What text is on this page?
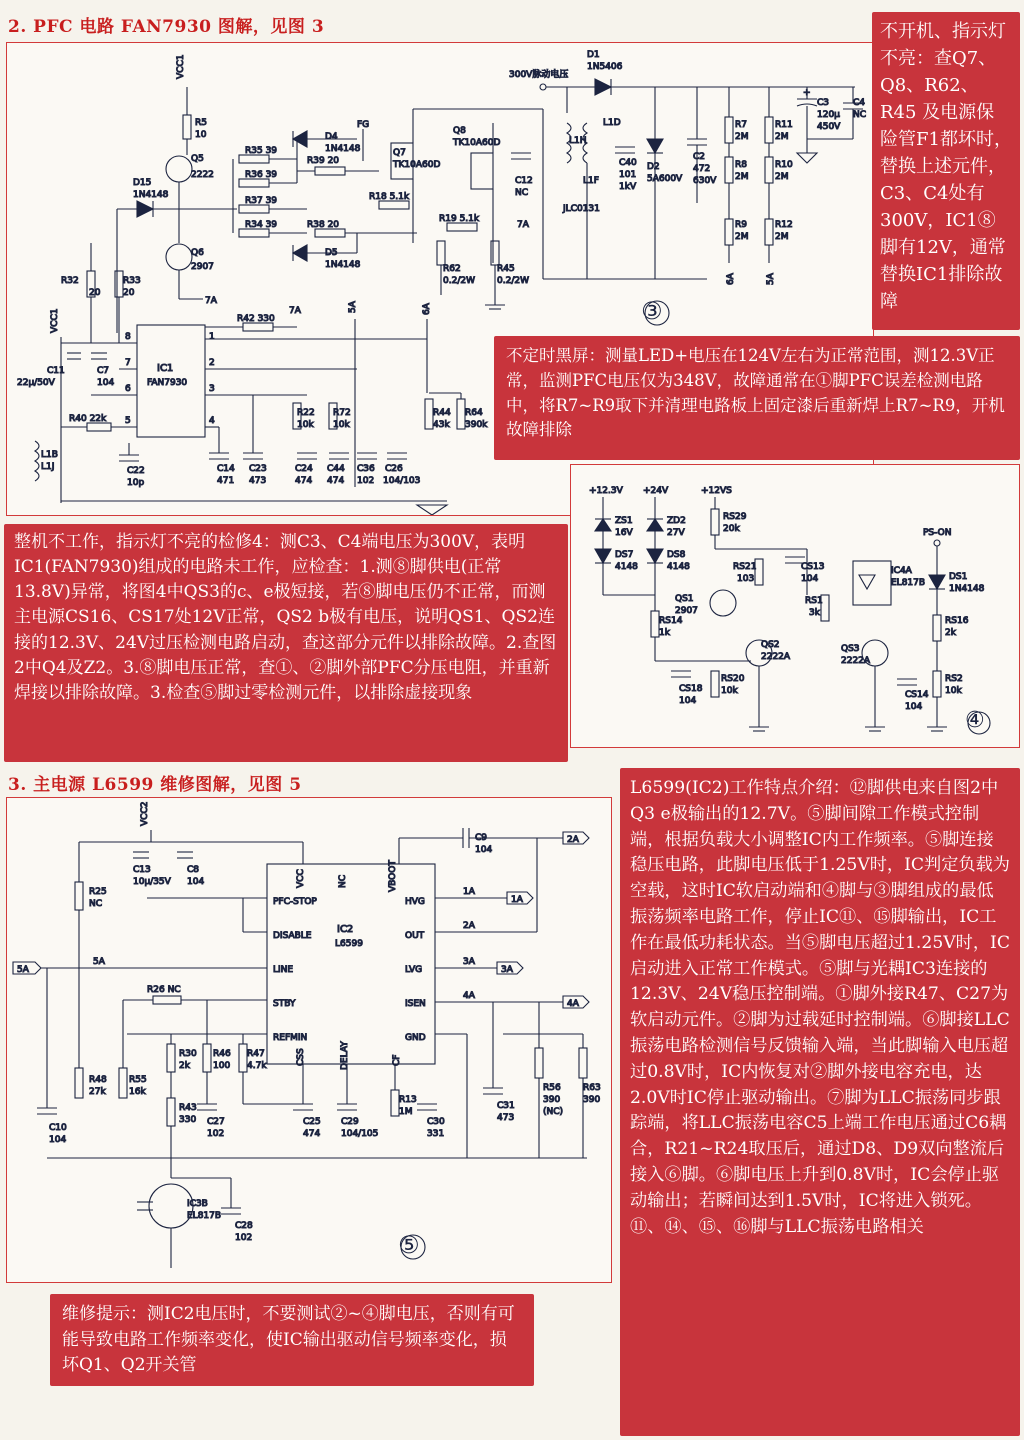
2. PFC 电路 FAN7930 图解，见图 3
3. 主电源 L6599 维修图解，见图 5
VCC1
R5
10
Q5
2222
D15
1N4148
Q6
2907
7A
R32
20
R33
20
R35 39
R36 39
R37 39
R34 39
D4
1N4148
R39 20
FG
R38 20
D5
1N4148
Q7
TK10A60D
Q8
TK10A60D
R18 5.1k
R19 5.1k
C12
NC
7A
R62
0.2/2W
R45
0.2/2W
300V脉动电压
D1
1N5406
L1H
L1F
JLC0131
L1D
C40
101
1kV
D2
5A600V
C2
472
630V
R7
2M
R8
2M
R9
2M
6A
R11
2M
R10
2M
R12
2M
5A
+
C3
120μ
450V
C4
NC
VCC1
C11
22μ/50V
C7
104
IC1
FAN7930
8
7
6
5
1
2
3
4
R42 330
7A	5A	6A
R40 22k
L1B
L1J	C22
10p
C14
471
C23
473
R22
10k
R72
10k
C24
474
C44
474
C36
102
C26
104/103
R44
43k
R64
390k
③
+12.3V +24V	+12VS
ZS1
16V
ZD2
27V
DS7
4148
DS8
4148
RS29
20k
RS21
103
CS13
104
QS1
2907
RS14
1k
QS2
2222A
CS18
104
RS20
10k
IC4A
EL817B
RS1
3k
QS3
2222A
CS14
104
PS-ON
DS1
1N4148
RS16
2k
RS2
10k
④
VCC2
C13
10μ/35V
C8
104
R25
NC
5A
5A
C10
104
R48
27k
R26 NC
R55
16k
R30
2k
R43
330
R46
100
C27
102
R47
4.7k
IC2
L6599
PFC-STOP
DISABLE
LINE
STBY
REFMIN
CSS	DELAY	CF
VCC	NC	VBOOT
HVG
OUT
LVG
ISEN
GND
1A
1A
2A
3A
3A
4A
4A
C9
104
2A
C31
473
R56
390
(NC)
R63
390
C25
474
C29
104/105
R13
1M
C30
331
IC3B
EL817B
C28
102	⑤

不开机、指示灯不亮：查Q7、Q8、R62、R45 及电源保险管F1都坏时，替换上述元件，C3、C4处有300V，IC1⑧脚有12V，通常替换IC1排除故障

不定时黑屏：测量LED+电压在124V左右为正常范围，测12.3V正常，监测PFC电压仅为348V，故障通常在①脚PFC误差检测电路中，将R7~R9取下并清理电路板上固定漆后重新焊上R7~R9，开机故障排除

整机不工作，指示灯不亮的检修4：测C3、C4端电压为300V，表明IC1(FAN7930)组成的电路未工作，应检查：1.测⑧脚供电(正常13.8V)异常，将图4中QS3的c、e极短接，若⑧脚电压仍不正常，而测主电源CS16、CS17处12V正常，QS2 b极有电压，说明QS1、QS2连接的12.3V、24V过压检测电路启动，查这部分元件以排除故障。2.查图2中Q4及Z2。3.⑧脚电压正常，查①、②脚外部PFC分压电阻，并重新焊接以排除故障。3.检查⑤脚过零检测元件，以排除虚接现象

L6599(IC2)工作特点介绍：⑫脚供电来自图2中Q3 e极输出的12.7V。⑤脚间隙工作模式控制端，根据负载大小调整IC内工作频率。⑤脚连接稳压电路，此脚电压低于1.25V时，IC判定负载为空载，这时IC软启动端和④脚与③脚组成的最低振荡频率电路工作，停止IC⑪、⑮脚输出，IC工作在最低功耗状态。当⑤脚电压超过1.25V时，IC启动进入正常工作模式。⑤脚与光耦IC3连接的12.3V、24V稳压控制端。①脚外接R47、C27为软启动元件。②脚为过载延时控制端。⑥脚接LLC振荡电路检测信号反馈输入端，当此脚输入电压超过0.8V时，IC内恢复对②脚外接电容充电，达2.0V时IC停止驱动输出。⑦脚为LLC振荡同步跟踪端，将LLC振荡电容C5上端工作电压通过C6耦合，R21~R24取压后，通过D8、D9双向整流后接入⑥脚。⑥脚电压上升到0.8V时，IC会停止驱动输出；若瞬间达到1.5V时，IC将进入锁死。⑪、⑭、⑮、⑯脚与LLC振荡电路相关

维修提示：测IC2电压时，不要测试②~④脚电压，否则有可能导致电路工作频率变化，使IC输出驱动信号频率变化，损坏Q1、Q2开关管
